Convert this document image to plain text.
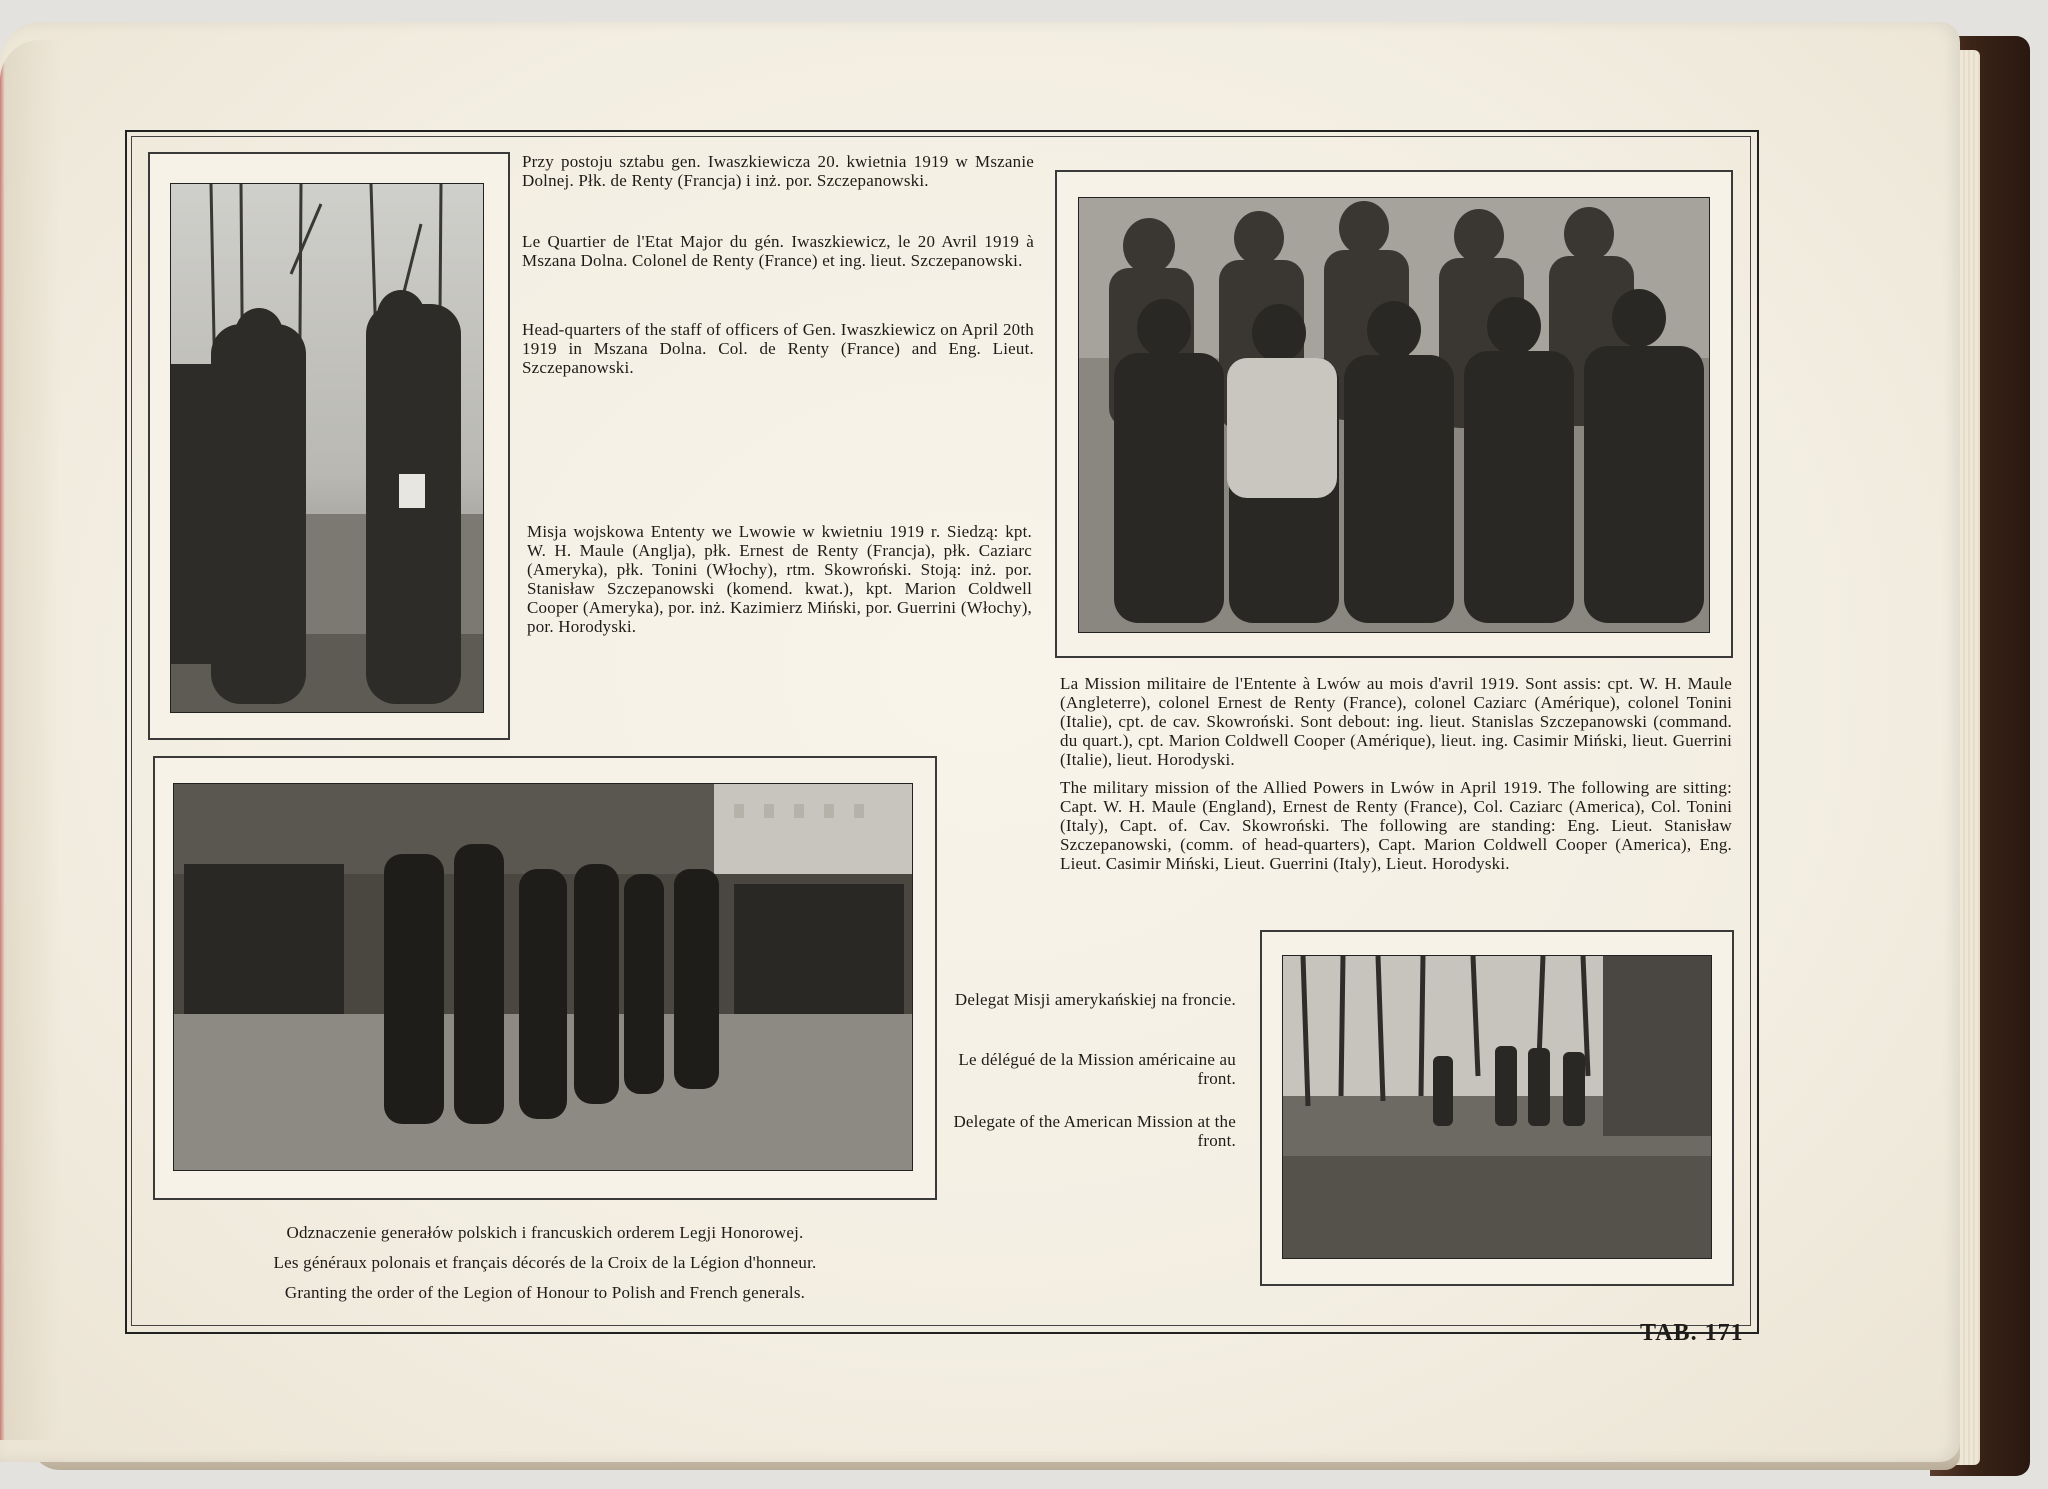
Przy postoju sztabu gen. Iwaszkiewicza 20. kwietnia 1919 w Mszanie Dolnej. Płk. de Renty (Francja) i inż. por. Szczepanowski.

Le Quartier de l'Etat Major du gén. Iwaszkiewicz, le 20 Avril 1919 à Mszana Dolna. Colonel de Renty (France) et ing. lieut. Szczepanowski.

Head-quarters of the staff of officers of Gen. Iwaszkiewicz on April 20th 1919 in Mszana Dolna. Col. de Renty (France) and Eng. Lieut. Szczepanowski.

Misja wojskowa Ententy we Lwowie w kwietniu 1919 r. Siedzą: kpt. W. H. Maule (Anglja), płk. Ernest de Renty (Francja), płk. Caziarc (Ameryka), płk. Tonini (Włochy), rtm. Skowroński. Stoją: inż. por. Stanisław Szczepanowski (komend. kwat.), kpt. Marion Coldwell Cooper (Ameryka), por. inż. Kazimierz Miński, por. Guerrini (Włochy), por. Horodyski.

La Mission militaire de l'Entente à Lwów au mois d'avril 1919. Sont assis: cpt. W. H. Maule (Angleterre), colonel Ernest de Renty (France), colonel Caziarc (Amérique), colonel Tonini (Italie), cpt. de cav. Skowroński. Sont debout: ing. lieut. Stanislas Szczepanowski (command. du quart.), cpt. Marion Coldwell Cooper (Amérique), lieut. ing. Casimir Miński, lieut. Guerrini (Italie), lieut. Horodyski.

The military mission of the Allied Powers in Lwów in April 1919. The following are sitting: Capt. W. H. Maule (England), Ernest de Renty (France), Col. Caziarc (America), Col. Tonini (Italy), Capt. of. Cav. Skowroński. The following are standing: Eng. Lieut. Stanisław Szczepanowski, (comm. of head-quarters), Capt. Marion Coldwell Cooper (America), Eng. Lieut. Casimir Miński, Lieut. Guerrini (Italy), Lieut. Horodyski.

Delegat Misji amerykańskiej na froncie.

Le délégué de la Mission américaine au front.

Delegate of the American Mission at the front.

Odznaczenie generałów polskich i francuskich orderem Legji Honorowej.

Les généraux polonais et français décorés de la Croix de la Légion d'honneur.

Granting the order of the Legion of Honour to Polish and French generals.

TAB. 171
